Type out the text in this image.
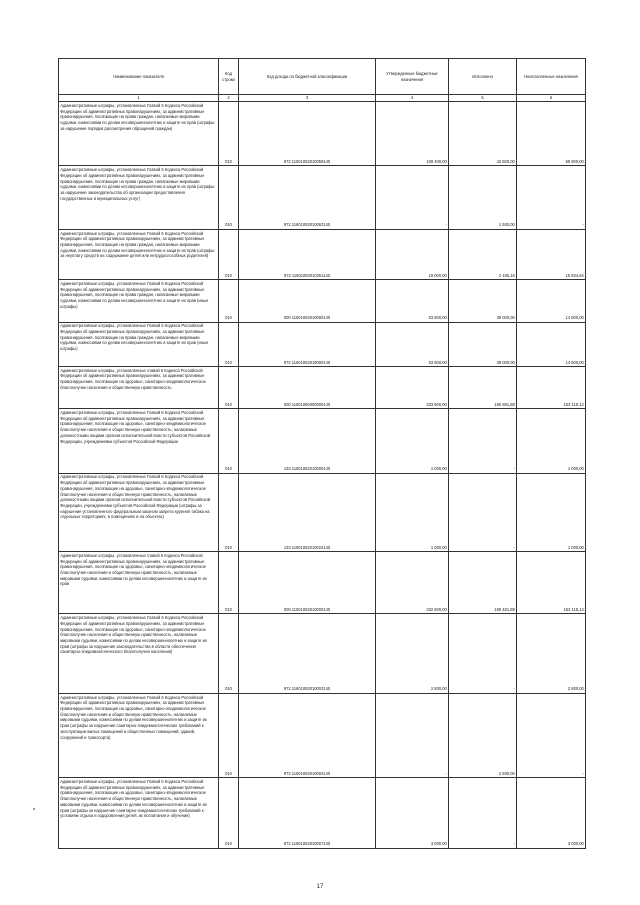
Наименование показателя	Код строки	Код дохода по бюджетной классификации	Утвержденные бюджетные назначения	Исполнено	Неисполненные назначения
1	2	3	4	5	6
Административные штрафы, установленные Главой 5 Кодекса Российской Федерации об административных правонарушениях, за административные правонарушения, посягающие на права граждан, налагаемые мировыми судьями, комиссиями по делам несовершеннолетних и защите их прав (штрафы за нарушение порядка рассмотрения обращений граждан)	010	972 11601053010059140	108 400,00	42 500,00	65 900,00
Административные штрафы, установленные Главой 5 Кодекса Российской Федерации об административных правонарушениях, за административные правонарушения, посягающие на права граждан, налагаемые мировыми судьями, комиссиями по делам несовершеннолетних и защите их прав (штрафы за нарушение законодательства об организации предоставления государственных и муниципальных услуг)	010	972 11601053010063140	-	1 500,00	-
Административные штрафы, установленные Главой 5 Кодекса Российской Федерации об административных правонарушениях, за административные правонарушения, посягающие на права граждан, налагаемые мировыми судьями, комиссиями по делам несовершеннолетних и защите их прав (штрафы за неуплату средств на содержание детей или нетрудоспособных родителей)	010	972 11601053010351140	19 000,00	2 165,16	16 834,84
Административные штрафы, установленные Главой 5 Кодекса Российской Федерации об административных правонарушениях, за административные правонарушения, посягающие на права граждан, налагаемые мировыми судьями, комиссиями по делам несовершеннолетних и защите их прав (иные штрафы)	010	000 11601053010000140	53 600,00	39 000,00	14 600,00
Административные штрафы, установленные Главой 5 Кодекса Российской Федерации об административных правонарушениях, за административные правонарушения, посягающие на права граждан, налагаемые мировыми судьями, комиссиями по делам несовершеннолетних и защите их прав (иные штрафы)	010	972 11601053019000140	53 600,00	39 000,00	14 600,00
Административные штрафы, установленные главой 6 Кодекса Российской Федерации об административных правонарушениях, за административные правонарушения, посягающие на здоровье, санитарно-эпидемиологическое благополучие населения и общественную нравственность	010	000 11601060000000140	333 600,00	180 881,88	153 118,12
Административные штрафы, установленные Главой 6 Кодекса Российской Федерации об административных правонарушениях, за административные правонарушения, посягающие на здоровье, санитарно-эпидемиологическое благополучие населения и общественную нравственность, налагаемые должностными лицами органов исполнительной власти субъектов Российской Федерации, учреждениями субъектов Российской Федерации	010	133 11601062010000140	1 000,00	-	1 000,00
Административные штрафы, установленные Главой 6 Кодекса Российской Федерации об административных правонарушениях, за административные правонарушения, посягающие на здоровье, санитарно-эпидемиологическое благополучие населения и общественную нравственность, налагаемые должностными лицами органов исполнительной власти субъектов Российской Федерации, учреждениями субъектов Российской Федерации (штрафы за нарушение установленного федеральным законом запрета курения табака на отдельных территориях, в помещениях и на объектах)	010	133 11601062010024140	1 000,00	-	1 000,00
Административные штрафы, установленные главой 6 Кодекса Российской Федерации об административных правонарушениях, за административные правонарушения, посягающие на здоровье, санитарно-эпидемиологическое благополучие населения и общественную нравственность, налагаемые мировыми судьями, комиссиями по делам несовершеннолетних и защите их прав	010	000 11601063010000140	332 600,00	180 481,88	152 118,12
Административные штрафы, установленные Главой 6 Кодекса Российской Федерации об административных правонарушениях, за административные правонарушения, посягающие на здоровье, санитарно-эпидемиологическое благополучие населения и общественную нравственность, налагаемые мировыми судьями, комиссиями по делам несовершеннолетних и защите их прав (штрафы за нарушение законодательства в области обеспечения санитарно-эпидемиологического благополучия населения)	010	972 11601063010003140	2 800,00	-	2 800,00
Административные штрафы, установленные Главой 6 Кодекса Российской Федерации об административных правонарушениях, за административные правонарушения, посягающие на здоровье, санитарно-эпидемиологическое благополучие населения и общественную нравственность, налагаемые мировыми судьями, комиссиями по делам несовершеннолетних и защите их прав (штрафы за нарушение санитарно-эпидемиологических требований к эксплуатации жилых помещений и общественных помещений, зданий, сооружений и транспорта)	010	972 11601063010004140	-	2 500,00	-
Административные штрафы, установленные Главой 6 Кодекса Российской Федерации об административных правонарушениях, за административные правонарушения, посягающие на здоровье, санитарно-эпидемиологическое благополучие населения и общественную нравственность, налагаемые мировыми судьями, комиссиями по делам несовершеннолетних и защите их прав (штрафы за нарушение санитарно-эпидемиологических требований к условиям отдыха и оздоровления детей, их воспитания и обучения)	010	972 11601063010007140	3 000,00	-	3 000,00
17
